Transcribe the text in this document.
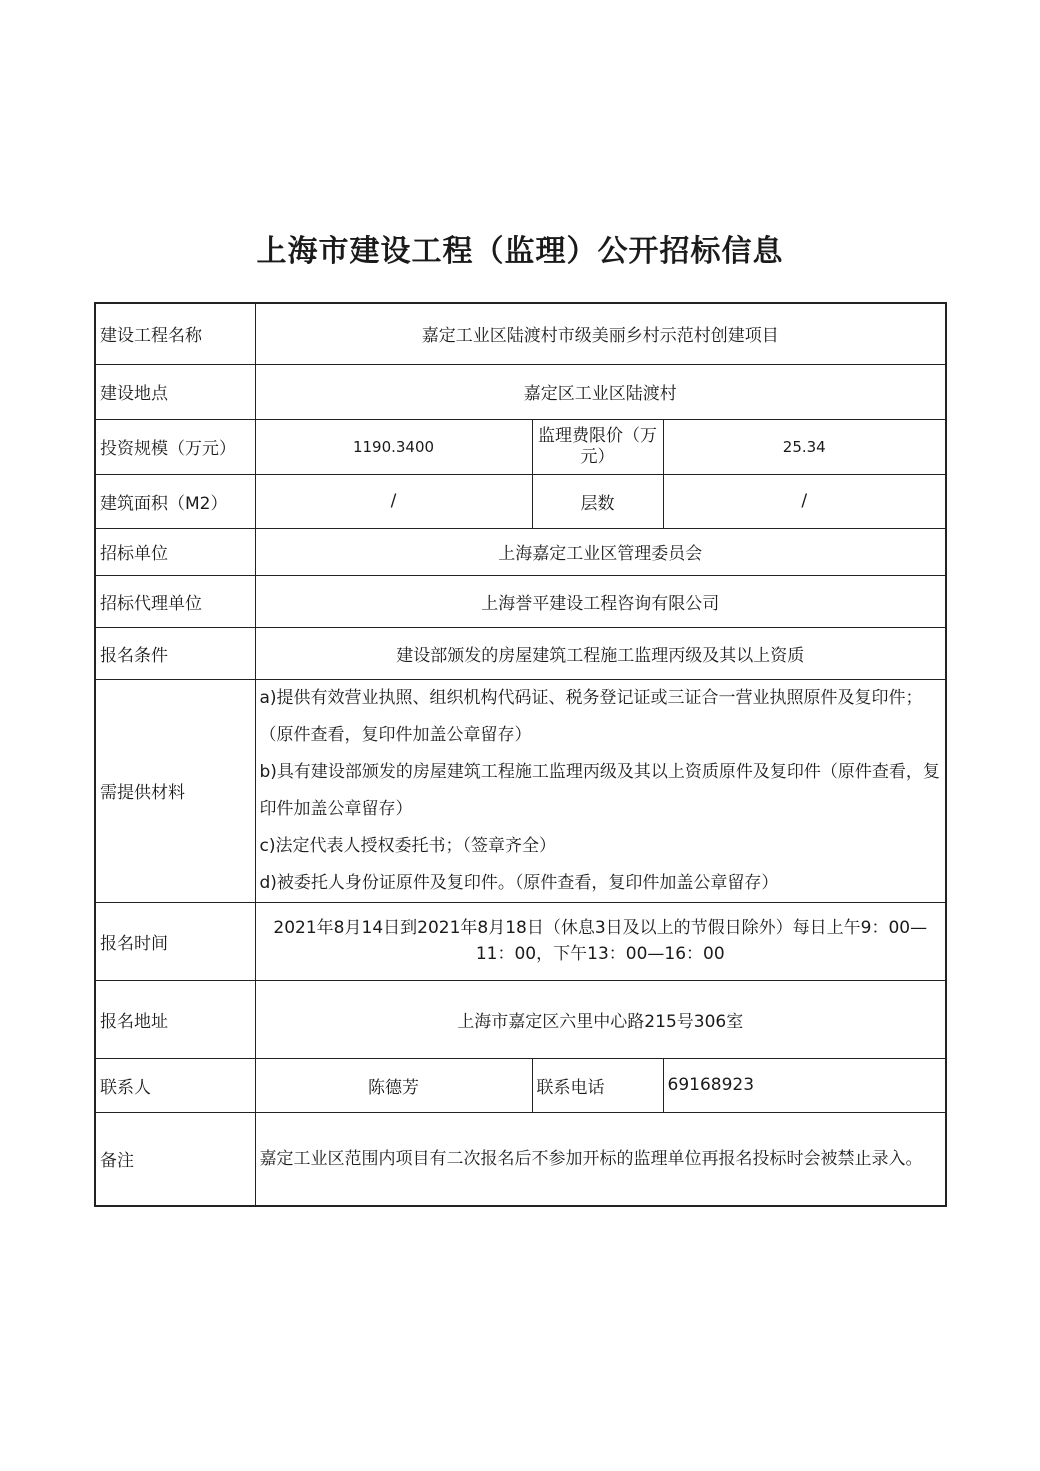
上海市建设工程（监理）公开招标信息
建设工程名称	嘉定工业区陆渡村市级美丽乡村示范村创建项目		
建设地点	嘉定区工业区陆渡村		
投资规模（万元）	1190.3400	监理费限价（万元）	25.34
建筑面积（M2）	/	层数	/
招标单位	上海嘉定工业区管理委员会		
招标代理单位	上海誉平建设工程咨询有限公司		
报名条件	建设部颁发的房屋建筑工程施工监理丙级及其以上资质		
需提供材料	a)提供有效营业执照、组织机构代码证、税务登记证或三证合一营业执照原件及复印件；（原件查看，复印件加盖公章留存）
b)具有建设部颁发的房屋建筑工程施工监理丙级及其以上资质原件及复印件（原件查看，复印件加盖公章留存）
c)法定代表人授权委托书；（签章齐全）
d)被委托人身份证原件及复印件。（原件查看，复印件加盖公章留存）		

报名时间	2021年8月14日到2021年8月18日（休息3日及以上的节假日除外）每日上午9：00—11：00，下午13：00—16：00		
报名地址	上海市嘉定区六里中心路215号306室		
联系人	陈德芳	联系电话	69168923
备注	嘉定工业区范围内项目有二次报名后不参加开标的监理单位再报名投标时会被禁止录入。		
